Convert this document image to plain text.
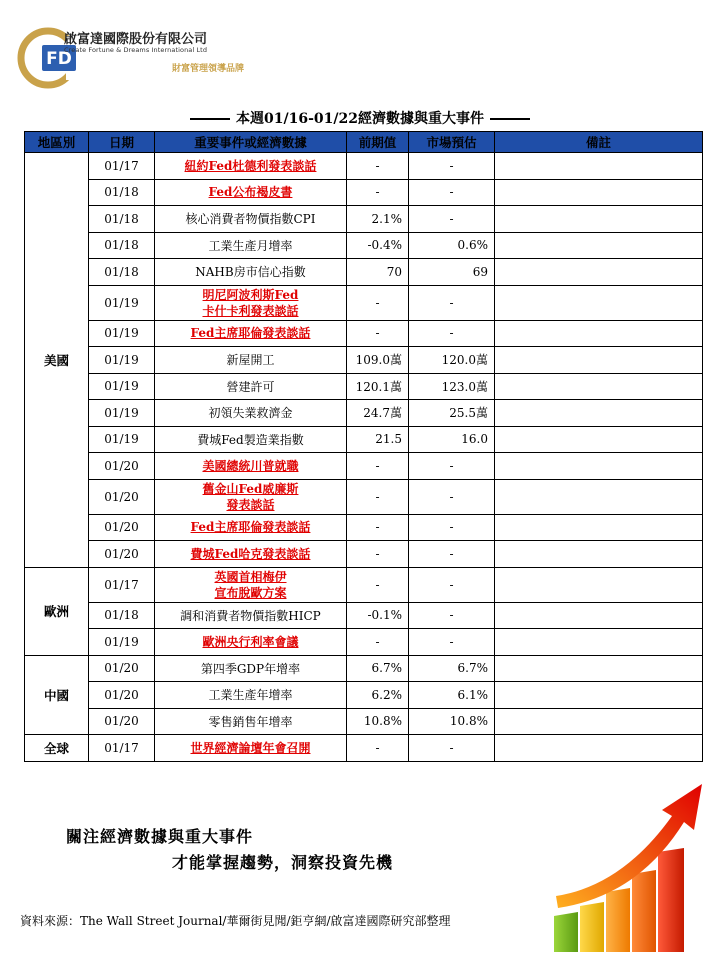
FD
啟富達國際股份有限公司
Create Fortune & Dreams International Ltd
財富管理領導品牌
本週01/16-01/22經濟數據與重大事件
地區別	日期	重要事件或經濟數據	前期值	市場預估	備註
美國	01/17	紐約Fed杜德利發表談話	-	-	
	01/18	Fed公布褐皮書	-	-	
	01/18	核心消費者物價指數CPI	2.1%	-	
	01/18	工業生產月增率	-0.4%	0.6%	
	01/18	NAHB房市信心指數	70	69	
	01/19	明尼阿波利斯Fed
卡什卡利發表談話	-	-	
	01/19	Fed主席耶倫發表談話	-	-	
	01/19	新屋開工	109.0萬	120.0萬	
	01/19	營建許可	120.1萬	123.0萬	
	01/19	初領失業救濟金	24.7萬	25.5萬	
	01/19	費城Fed製造業指數	21.5	16.0	
	01/20	美國總統川普就職	-	-	
	01/20	舊金山Fed威廉斯
發表談話	-	-	
	01/20	Fed主席耶倫發表談話	-	-	
	01/20	費城Fed哈克發表談話	-	-	
歐洲	01/17	英國首相梅伊
宣布脫歐方案	-	-	
	01/18	調和消費者物價指數HICP	-0.1%	-	
	01/19	歐洲央行利率會議	-	-	
中國	01/20	第四季GDP年增率	6.7%	6.7%	
	01/20	工業生產年增率	6.2%	6.1%	
	01/20	零售銷售年增率	10.8%	10.8%	
全球	01/17	世界經濟論壇年會召開	-	-	
關注經濟數據與重大事件
才能掌握趨勢，洞察投資先機
資料來源：The Wall Street Journal/華爾街見聞/鉅亨網/啟富達國際研究部整理
